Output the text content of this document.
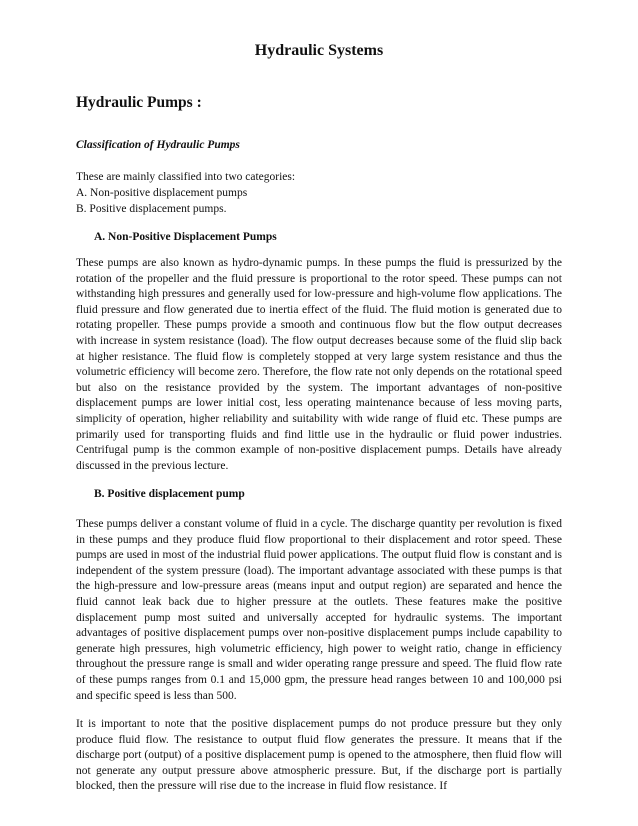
Hydraulic Systems
Hydraulic Pumps :
Classification of Hydraulic Pumps
These are mainly classified into two categories:
A. Non-positive displacement pumps
B. Positive displacement pumps.
A. Non-Positive Displacement Pumps

These pumps are also known as hydro-dynamic pumps. In these pumps the fluid is pressurized by the rotation of the propeller and the fluid pressure is proportional to the rotor speed. These pumps can not withstanding high pressures and generally used for low-pressure and high-volume flow applications. The fluid pressure and flow generated due to inertia effect of the fluid. The fluid motion is generated due to rotating propeller. These pumps provide a smooth and continuous flow but the flow output decreases with increase in system resistance (load). The flow output decreases because some of the fluid slip back at higher resistance. The fluid flow is completely stopped at very large system resistance and thus the volumetric efficiency will become zero. Therefore, the flow rate not only depends on the rotational speed but also on the resistance provided by the system. The important advantages of non-positive displacement pumps are lower initial cost, less operating maintenance because of less moving parts, simplicity of operation, higher reliability and suitability with wide range of fluid etc. These pumps are primarily used for transporting fluids and find little use in the hydraulic or fluid power industries. Centrifugal pump is the common example of non-positive displacement pumps. Details have already discussed in the previous lecture.

B. Positive displacement pump

These pumps deliver a constant volume of fluid in a cycle. The discharge quantity per revolution is fixed in these pumps and they produce fluid flow proportional to their displacement and rotor speed. These pumps are used in most of the industrial fluid power applications. The output fluid flow is constant and is independent of the system pressure (load). The important advantage associated with these pumps is that the high-pressure and low-pressure areas (means input and output region) are separated and hence the fluid cannot leak back due to higher pressure at the outlets. These features make the positive displacement pump most suited and universally accepted for hydraulic systems. The important advantages of positive displacement pumps over non-positive displacement pumps include capability to generate high pressures, high volumetric efficiency, high power to weight ratio, change in efficiency throughout the pressure range is small and wider operating range pressure and speed. The fluid flow rate of these pumps ranges from 0.1 and 15,000 gpm, the pressure head ranges between 10 and 100,000 psi and specific speed is less than 500.

It is important to note that the positive displacement pumps do not produce pressure but they only produce fluid flow. The resistance to output fluid flow generates the pressure. It means that if the discharge port (output) of a positive displacement pump is opened to the atmosphere, then fluid flow will not generate any output pressure above atmospheric pressure. But, if the discharge port is partially blocked, then the pressure will rise due to the increase in fluid flow resistance. If
